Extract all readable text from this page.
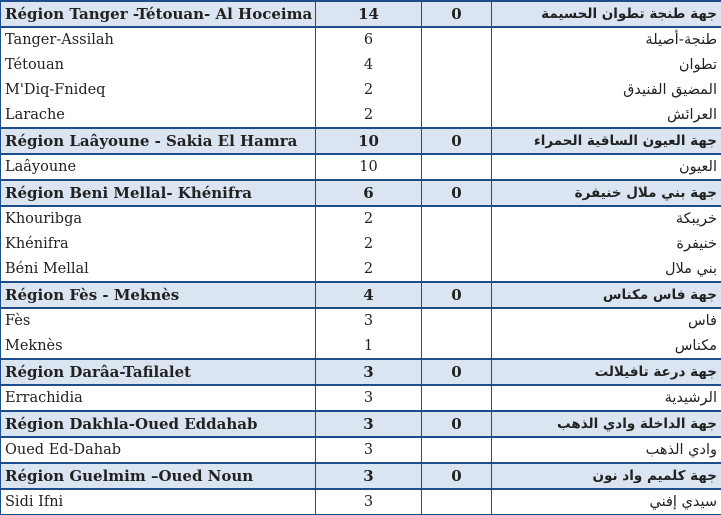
Région Tanger -Tétouan- Al Hoceima	14	0	جهة طنجة تطوان الحسيمة
Tanger-Assilah	6		طنجة-أصيلة
Tétouan	4		تطوان
M'Diq-Fnideq	2		المضيق الفنيدق
Larache	2		العرائش
Région Laâyoune - Sakia El Hamra	10	0	جهة العيون الساقية الحمراء
Laâyoune	10		العيون
Région Beni Mellal- Khénifra	6	0	جهة بني ملال خنيفرة
Khouribga	2		خريبكة
Khénifra	2		خنيفرة
Béni Mellal	2		بني ملال
Région Fès - Meknès	4	0	جهة فاس مكناس
Fès	3		فاس
Meknès	1		مكناس
Région Darâa-Tafilalet	3	0	جهة درعة تافيلالت
Errachidia	3		الرشيدية
Région Dakhla-Oued Eddahab	3	0	جهة الداخلة وادي الذهب
Oued Ed-Dahab	3		وادي الذهب
Région Guelmim –Oued Noun	3	0	جهة كلميم واد نون
Sidi Ifni	3		سيدي إفني
